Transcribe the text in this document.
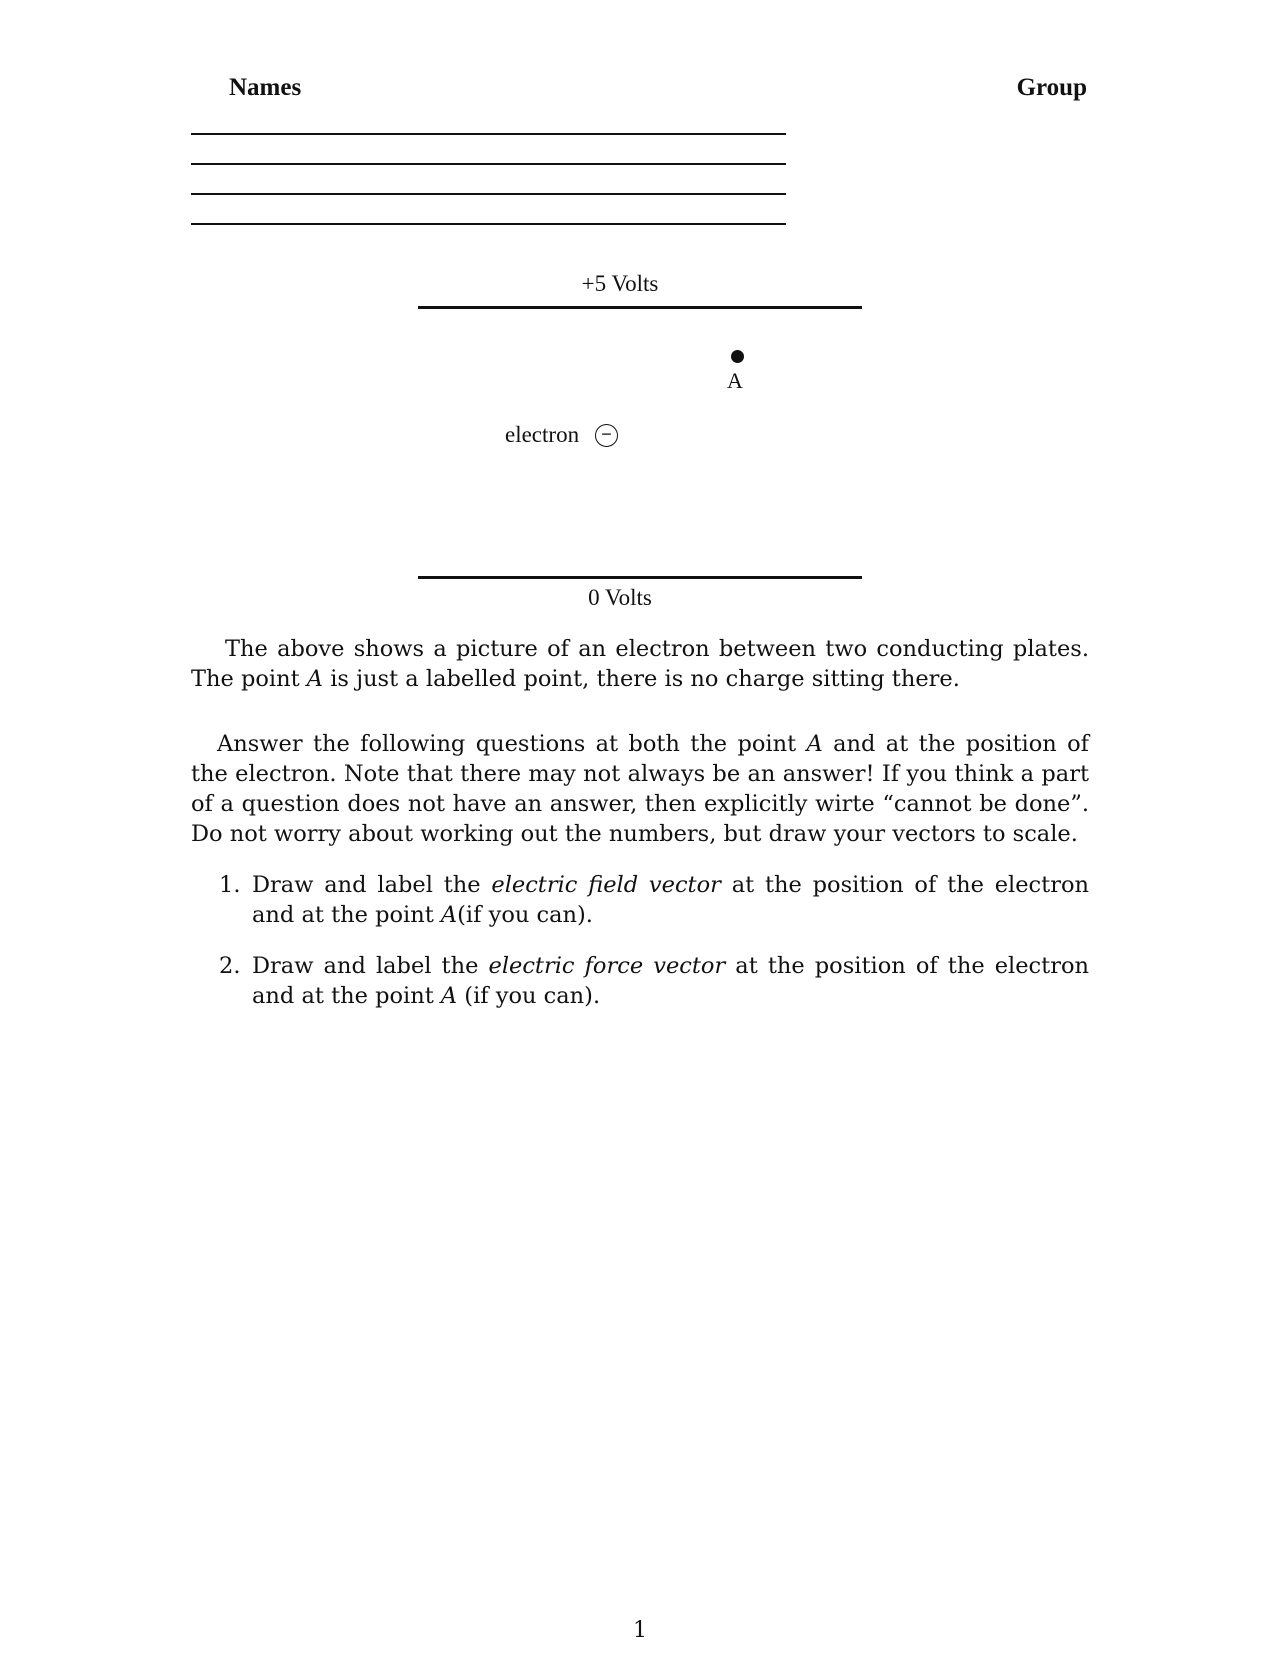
Names	Group
+5 Volts
A
electron	−
0 Volts

The above shows a picture of an electron between two conducting plates. The point A is just a labelled point, there is no charge sitting there.

Answer the following questions at both the point A and at the position of the electron. Note that there may not always be an answer! If you think a part of a question does not have an answer, then explicitly wirte “cannot be done”. Do not worry about working out the numbers, but draw your vectors to scale.

1. Draw and label the electric field vector at the position of the electron and at the point A(if you can).
2. Draw and label the electric force vector at the position of the electron and at the point A (if you can).
1
